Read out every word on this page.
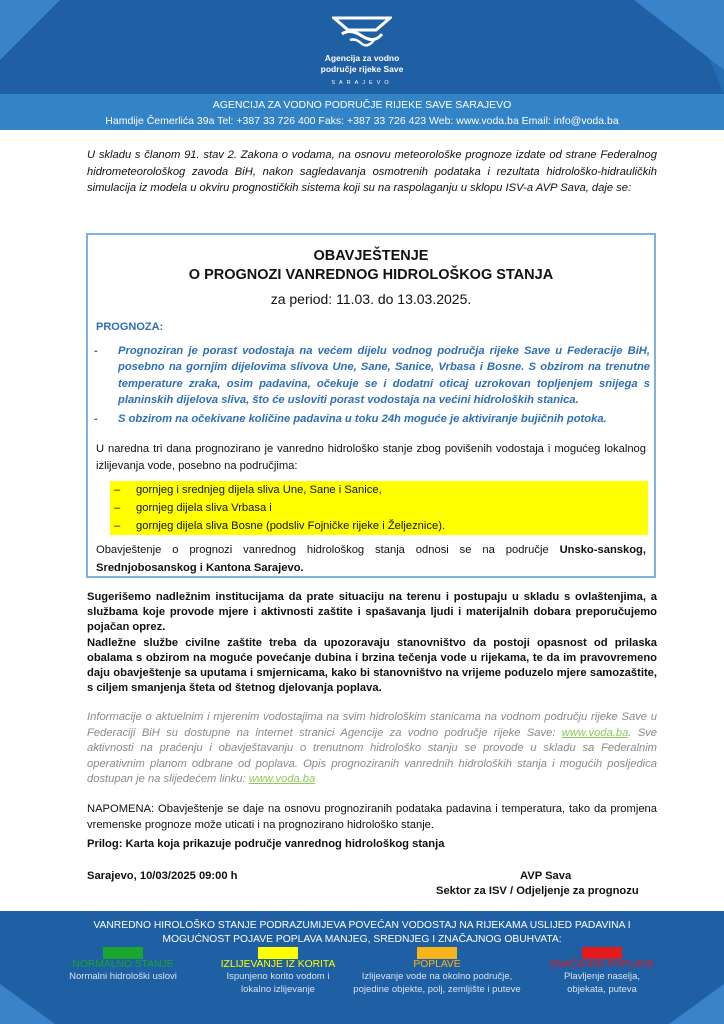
Agencija za vodno
područje rijeke Save
SARAJEVO
AGENCIJA ZA VODNO PODRUČJE RIJEKE SAVE SARAJEVO
Hamdije Čemerlića 39a Tel: +387 33 726 400 Faks: +387 33 726 423 Web: www.voda.ba Email: info@voda.ba
U skladu s članom 91. stav 2. Zakona o vodama, na osnovu meteorološke prognoze izdate od strane Federalnog hidrometeorološkog zavoda BiH, nakon sagledavanja osmotrenih podataka i rezultata hidrološko-hidrauličkih simulacija iz modela u okviru prognostičkih sistema koji su na raspolaganju u sklopu ISV-a AVP Sava, daje se:
OBAVJEŠTENJE
O PROGNOZI VANREDNOG HIDROLOŠKOG STANJA
za period: 11.03. do 13.03.2025.
PROGNOZA:
- Prognoziran je porast vodostaja na većem dijelu vodnog područja rijeke Save u Federacije BiH, posebno na gornjim dijelovima slivova Une, Sane, Sanice, Vrbasa i Bosne. S obzirom na trenutne temperature zraka, osim padavina, očekuje se i dodatni oticaj uzrokovan topljenjem snijega s planinskih dijelova sliva, što će usloviti porast vodostaja na većini hidroloških stanica.
- S obzirom na očekivane količine padavina u toku 24h moguće je aktiviranje bujičnih potoka.
U naredna tri dana prognozirano je vanredno hidrološko stanje zbog povišenih vodostaja i mogućeg lokalnog izlijevanja vode, posebno na područjima:
– gornjeg i srednjeg dijela sliva Une, Sane i Sanice,
– gornjeg dijela sliva Vrbasa i
– gornjeg dijela sliva Bosne (podsliv Fojničke rijeke i Željeznice).
Obavještenje o prognozi vanrednog hidrološkog stanja odnosi se na područje Unsko-sanskog, Srednjobosanskog i Kantona Sarajevo.
Sugerišemo nadležnim institucijama da prate situaciju na terenu i postupaju u skladu s ovlaštenjima, a službama koje provode mjere i aktivnosti zaštite i spašavanja ljudi i materijalnih dobara preporučujemo pojačan oprez.
Nadležne službe civilne zaštite treba da upozoravaju stanovništvo da postoji opasnost od prilaska obalama s obzirom na moguće povećanje dubina i brzina tečenja vode u rijekama, te da im pravovremeno daju obavještenje sa uputama i smjernicama, kako bi stanovništvo na vrijeme poduzelo mjere samozaštite, s ciljem smanjenja šteta od štetnog djelovanja poplava.
Informacije o aktuelnim i mjerenim vodostajima na svim hidrološkim stanicama na vodnom području rijeke Save u Federaciji BiH su dostupne na internet stranici Agencije za vodno područje rijeke Save: www.voda.ba. Sve aktivnosti na praćenju i obavještavanju o trenutnom hidrološko stanju se provode u skladu sa Federalnim operativnim planom odbrane od poplava. Opis prognoziranih vanrednih hidroloških stanja i mogućih posljedica dostupan je na slijedećem linku: www.voda.ba
NAPOMENA: Obavještenje se daje na osnovu prognoziranih podataka padavina i temperatura, tako da promjena vremenske prognoze može uticati i na prognozirano hidrološko stanje.
Prilog: Karta koja prikazuje područje vanrednog hidrološkog stanja
Sarajevo, 10/03/2025 09:00 h	AVP Sava
Sektor za ISV / Odjeljenje za prognozu
VANREDNO HIROLOŠKO STANJE PODRAZUMIJEVA POVEĆAN VODOSTAJ NA RIJEKAMA USLIJED PADAVINA I
MOGUĆNOST POJAVE POPLAVA MANJEG, SREDNJEG I ZNAČAJNOG OBUHVATA:
NORMALNO STANJE
Normalni hidrološki uslovi
IZLIJEVANJE IZ KORITA
Ispunjeno korito vodom i
lokalno izlijevanje
POPLAVE
Izlijevanje vode na okolno područje,
pojedine objekte, polj, zemljište i puteve
ZNAČAJNE POPLAVE
Plavljenje naselja,
objekata, puteva
